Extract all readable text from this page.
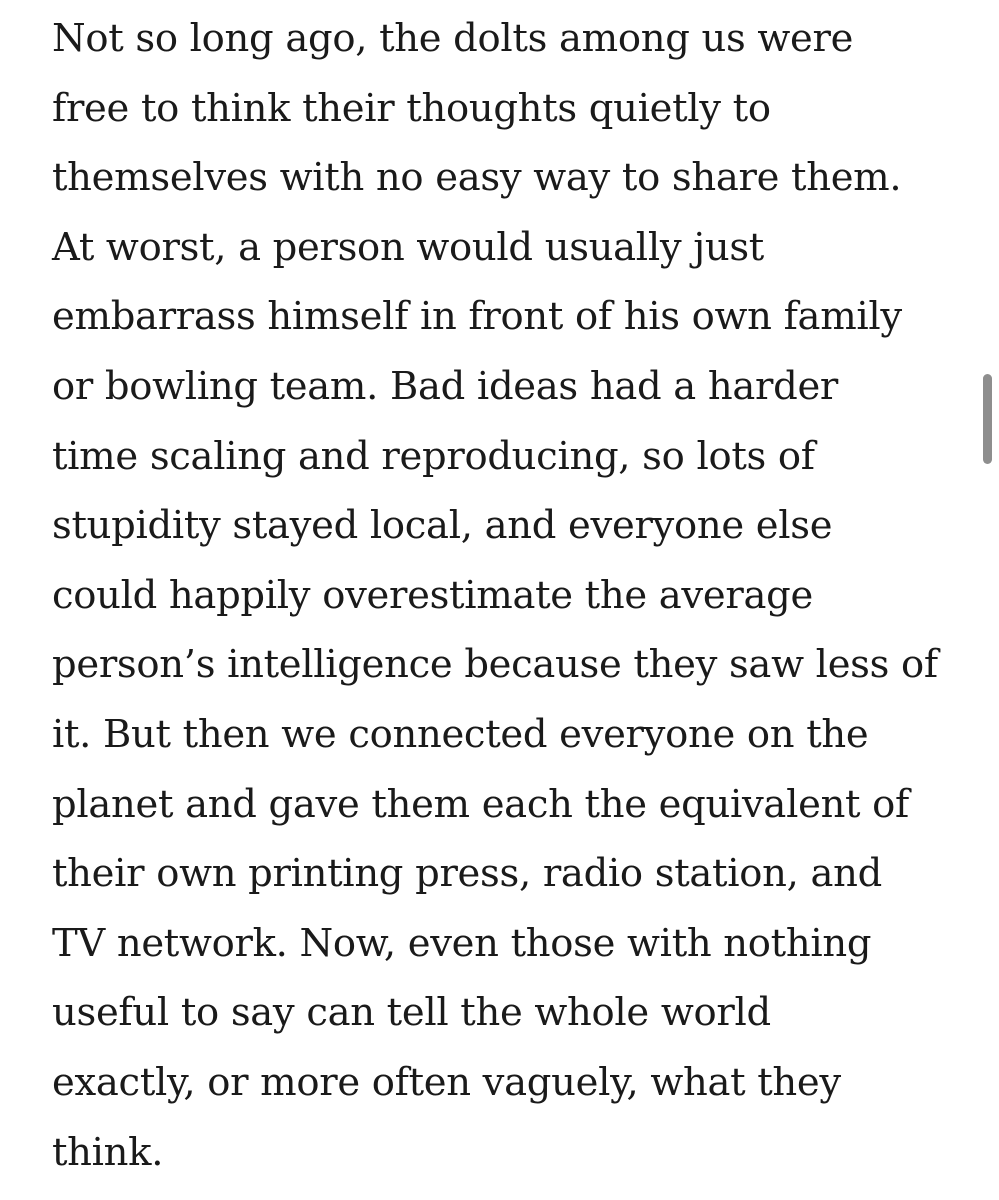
Not so long ago, the dolts among us were
free to think their thoughts quietly to
themselves with no easy way to share them.
At worst, a person would usually just
embarrass himself in front of his own family
or bowling team. Bad ideas had a harder
time scaling and reproducing, so lots of
stupidity stayed local, and everyone else
could happily overestimate the average
person’s intelligence because they saw less of
it. But then we connected everyone on the
planet and gave them each the equivalent of
their own printing press, radio station, and
TV network. Now, even those with nothing
useful to say can tell the whole world
exactly, or more often vaguely, what they
think.
